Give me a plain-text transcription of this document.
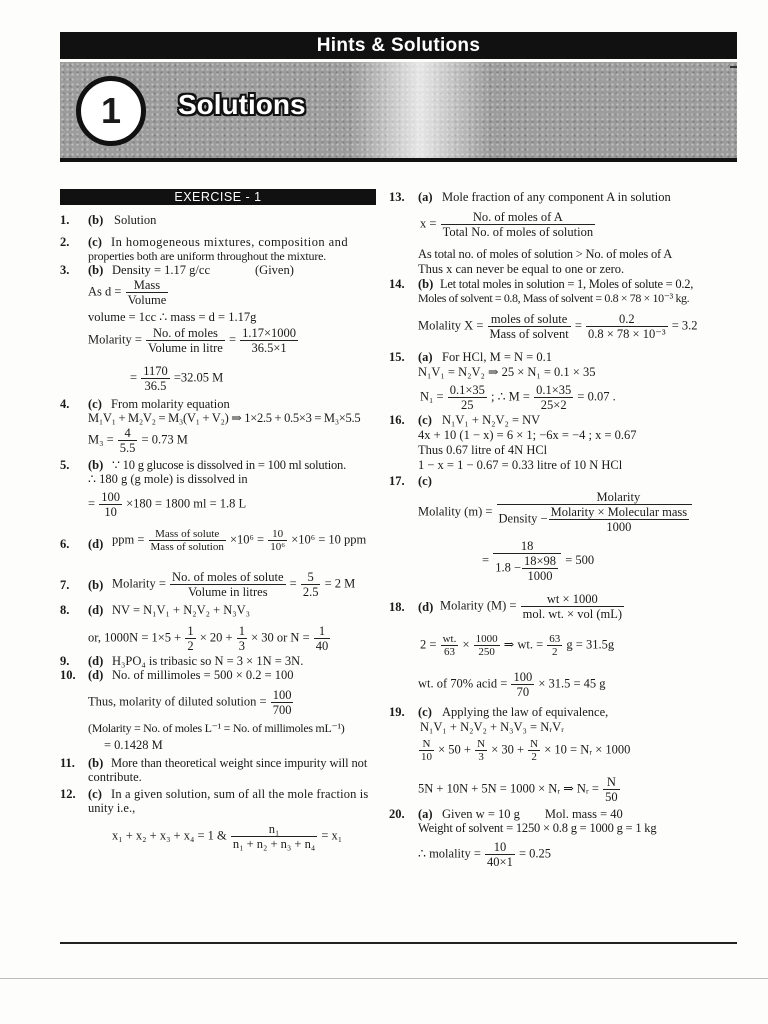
Hints & Solutions
1	Solutions
EXERCISE - 1
1. (b) Solution
2. (c) In homogeneous mixtures, composition and
properties both are uniform throughout the mixture.
3. (b) Density = 1.17 g/cc	(Given)
As $d = \frac{\text{Mass}}{\text{Volume}}$
volume = 1cc ∴ mass = d = 1.17g
Molarity = $\frac{\text{No. of moles}}{\text{Volume in litre}} = \frac{1.17\times 1000}{36.5\times 1}$
= $\frac{1170}{36.5} =32.05$ M
4. (c) From molarity equation
M₁V₁ + M₂V₂ = M₃(V₁ + V₂) ⇒ 1×2.5 + 0.5×3 = M₃×5.5
$M_3 = \frac{4}{5.5} = 0.73$ M
5. (b) ∵ 10 g glucose is dissolved in = 100 ml solution.
∴ 180 g (g mole) is dissolved in
= $\frac{100}{10} \times 180 = 1800$ ml = 1.8 L
6. (d) ppm = $\frac{\text{Mass of solute}}{\text{Mass of solution}} \times 10^6 = \frac{10}{\text{10⁶}} \times 10^6 = 10$ ppm
7. (b) Molarity = $\frac{\text{No. of moles of solute}}{\text{Volume in litres}} = \frac{5}{2.5} = 2$ M
8. (d) NV = N₁V₁ + N₂V₂ + N₃V₃
or, $1000N = 1\times 5 + \frac{1}{2} \times 20 + \frac{1}{3} \times 30$ or $N = \frac{1}{40}$
9. (d) H₃PO₄ is tribasic so N = 3 × 1N = 3N.
10. (d) No. of millimoles = 500 × 0.2 = 100
Thus, molarity of diluted solution = $\frac{100}{700}$
(Molarity = No. of moles L⁻¹ = No. of millimoles mL⁻¹)
= 0.1428 M
11. (b) More than theoretical weight since impurity will not
contribute.
12. (c) In a given solution, sum of all the mole fraction is
unity i.e.,
x₁ + x₂ + x₃ + x₄ = 1 & $\frac{\text{n₁}}{\text{n₁ + n₂ + n₃ + n₄}} = x_1$
13. (a) Mole fraction of any component A in solution
$x = \frac{\text{No. of moles of A}}{\text{Total No. of moles of solution}}$
As total no. of moles of solution > No. of moles of A
Thus x can never be equal to one or zero.
14. (b) Let total moles in solution = 1, Moles of solute = 0.2,
Moles of solvent = 0.8, Mass of solvent = 0.8 × 78 × 10⁻³ kg.
Molality $X = \frac{\text{moles of solute}}{\text{Mass of solvent}} = \frac{0.2}{\text{0.8 × 78 × 10⁻³}} = 3.2$
15. (a) For HCl, M = N = 0.1
N₁V₁ = N₂V₂ ⇒ 25 × N₁ = 0.1 × 35
$N_1 = \frac{0.1\times 35}{25}$ ; ∴ $M = \frac{0.1\times 35}{25\times 2} = 0.07$ .
16. (c) N₁V₁ + N₂V₂ = NV
4x + 10 (1 − x) = 6 × 1; −6x = −4 ; x = 0.67
Thus 0.67 litre of 4N HCl
1 − x = 1 − 0.67 = 0.33 litre of 10 N HCl
17. (c)
Molality $(m) = \frac{\text{Molarity}}{Density - \frac{\text{Molarity × Molecular mass}}{1000}}$
= $\frac{18}{1.8 - \frac{18\times 98}{1000}} = 500$
18. (d) Molarity $(M) = \frac{wt \times 1000}{\text{mol. wt. × vol (mL)}}$
$2 = \frac{wt.}{63} \times \frac{1000}{250}$ ⇒ wt. = $\frac{63}{2}$ g = 31.5g
wt. of 70% acid = $\frac{100}{70} \times 31.5 = 45$ g
19. (c) Applying the law of equivalence,
N₁V₁ + N₂V₂ + N₃V₃ = NᵣVᵣ
$\frac{N}{10} \times 50 + \frac{N}{3} \times 30 + \frac{N}{2} \times 10$ = Nᵣ × 1000
5N + 10N + 5N = 1000 × Nᵣ ⇒ Nᵣ = $\frac{N}{50}$
20. (a) Given w = 10 g        Mol. mass = 40
Weight of solvent = 1250 × 0.8 g = 1000 g = 1 kg
∴ molality = $\frac{10}{40\times 1} = 0.25$
